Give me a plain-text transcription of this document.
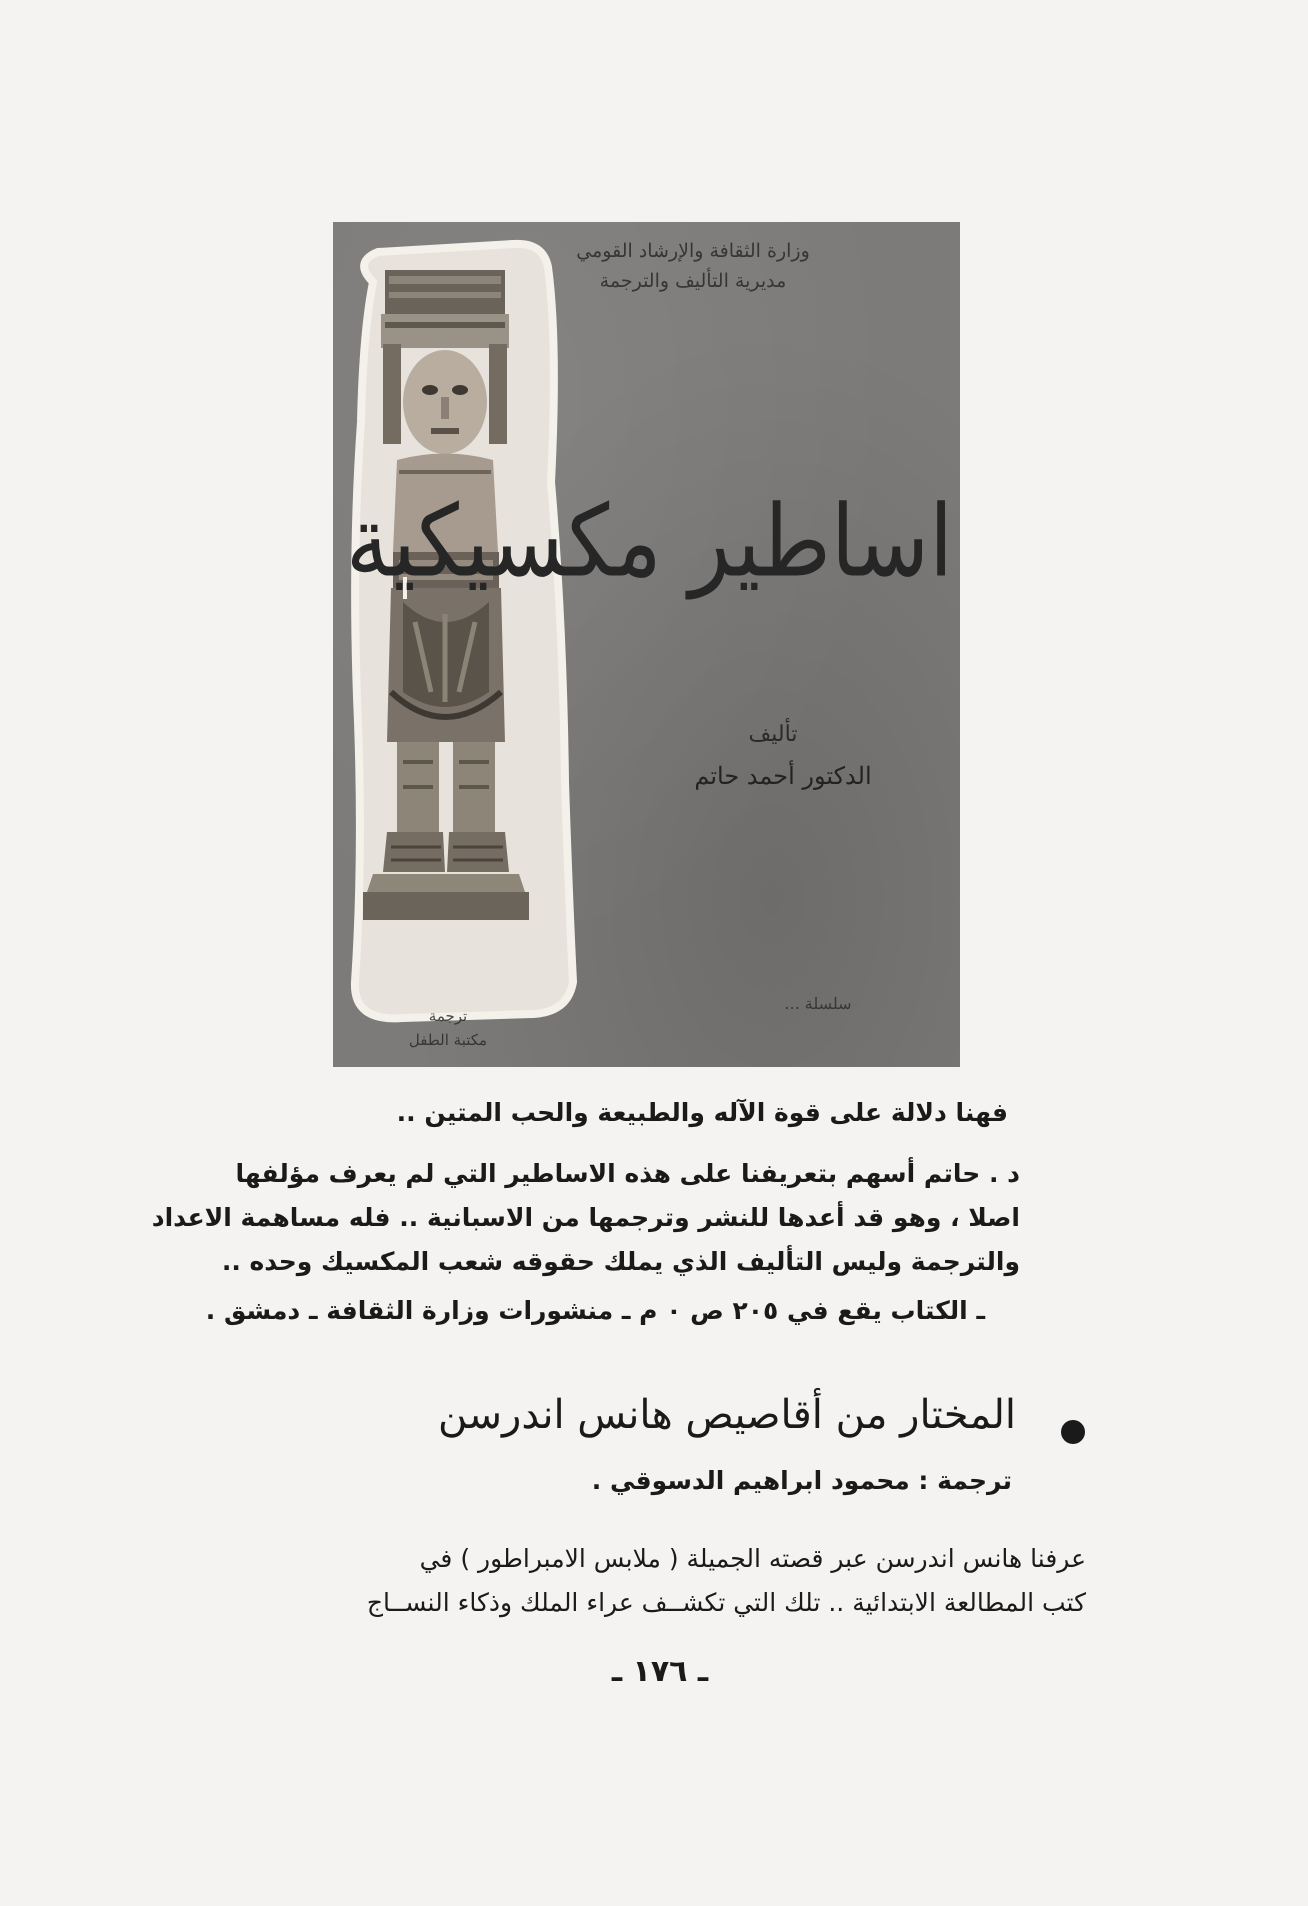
وزارة الثقافة والإرشاد القومي
مديرية التأليف والترجمة
اساطير مكسيكية
تأليف
الدكتور أحمد حاتم
سلسلة ...
ترجمة
مكتبة الطفل
فهنا دلالة على قوة الآله والطبيعة والحب المتين ..
د . حاتم أسهم بتعريفنا على هذه الاساطير التي لم يعرف مؤلفها
اصلا ، وهو قد أعدها للنشر وترجمها من الاسبانية .. فله مساهمة الاعداد
والترجمة وليس التأليف الذي يملك حقوقه شعب المكسيك وحده ..
ـ الكتاب يقع في ٢٠٥ ص ٠ م ـ منشورات وزارة الثقافة ـ دمشق .
المختار من أقاصيص هانس اندرسن
ترجمة : محمود ابراهيم الدسوقي .
عرفنا هانس اندرسن عبر قصته الجميلة ( ملابس الامبراطور ) في
كتب المطالعة الابتدائية .. تلك التي تكشــف عراء الملك وذكاء النســاج
ـ ١٧٦ ـ
